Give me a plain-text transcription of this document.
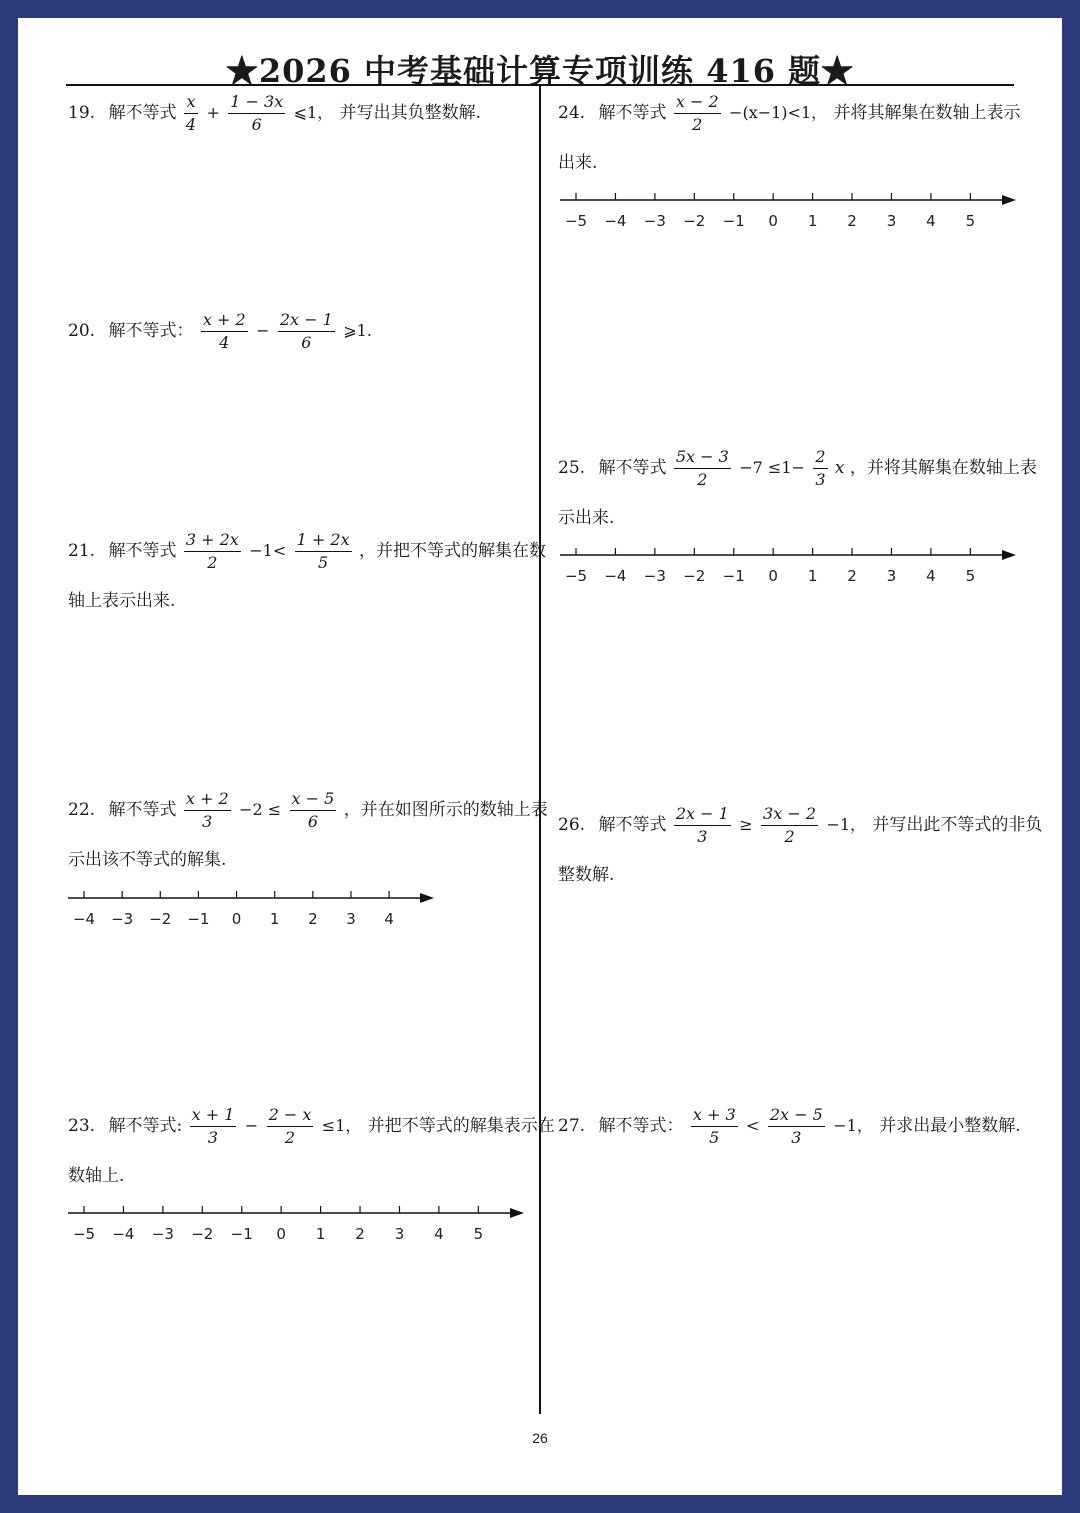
★2026 中考基础计算专项训练 416 题★
19. 解不等式 $\frac{x}{4} + \frac{1 - 3x}{6}$ ⩽1， 并写出其负整数解.
20. 解不等式： $\frac{x + 2}{4} - \frac{2x - 1}{6}$ ⩾1.
21. 解不等式 $\frac{3 + 2x}{2} -1< \frac{1 + 2x}{5}$ ，并把不等式的解集在数
轴上表示出来.
22. 解不等式 $\frac{x + 2}{3} -2 \le \frac{x - 5}{6}$ ，并在如图所示的数轴上表
示出该不等式的解集.
−4 −3 −2 −1 0 1 2 3 4
23. 解不等式: $\frac{x + 1}{3} - \frac{2 - x}{2} \le 1$， 并把不等式的解集表示在
数轴上.
−5 −4 −3 −2 −1 0 1 2 3 4 5
24. 解不等式 $\frac{x - 2}{2} -(x-1)<1$， 并将其解集在数轴上表示
出来.
−5 −4 −3 −2 −1 0 1 2 3 4 5
25. 解不等式 $\frac{5x - 3}{2} -7 \le 1- \frac{2}{3}$ x ，并将其解集在数轴上表
示出来.
−5 −4 −3 −2 −1 0 1 2 3 4 5
26. 解不等式 $\frac{2x - 1}{3} \ge \frac{3x - 2}{2} -1$， 并写出此不等式的非负
整数解.
27. 解不等式： $\frac{x + 3}{5} < \frac{2x - 5}{3} -1$， 并求出最小整数解.
26
